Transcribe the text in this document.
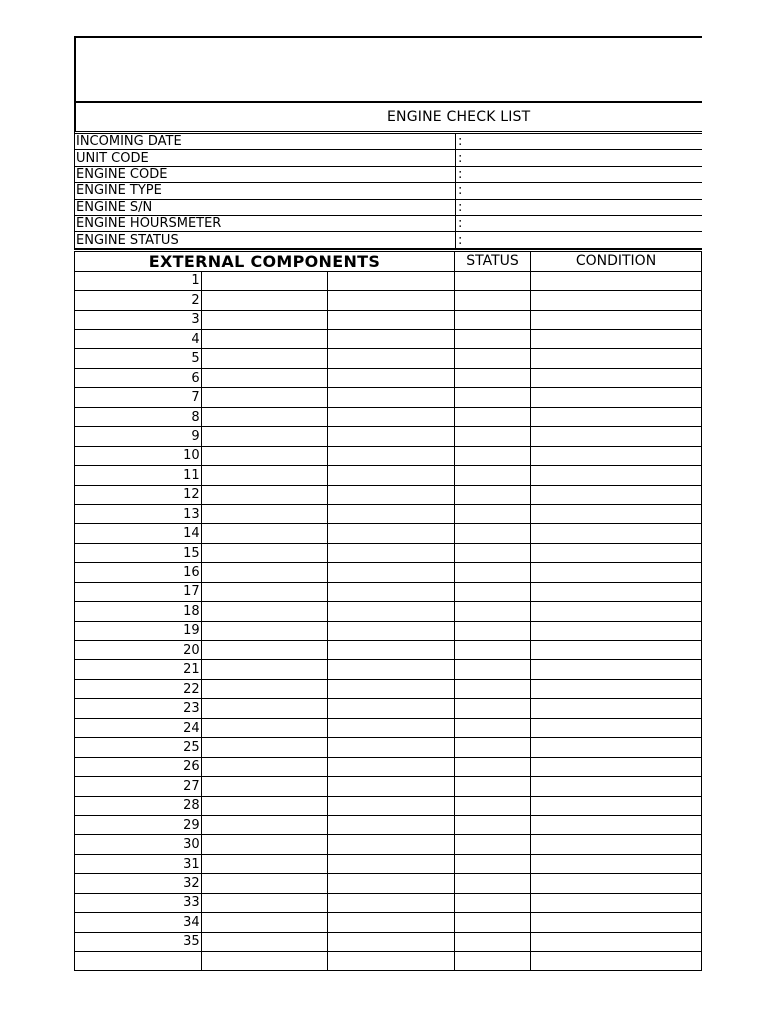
ENGINE CHECK LIST
INCOMING DATE	:
UNIT CODE	:
ENGINE CODE	:
ENGINE TYPE	:
ENGINE S/N	:
ENGINE HOURSMETER	:
ENGINE STATUS	:
EXTERNAL COMPONENTS			STATUS	CONDITION
1				
2				
3				
4				
5				
6				
7				
8				
9				
10				
11				
12				
13				
14				
15				
16				
17				
18				
19				
20				
21				
22				
23				
24				
25				
26				
27				
28				
29				
30				
31				
32				
33				
34				
35				
